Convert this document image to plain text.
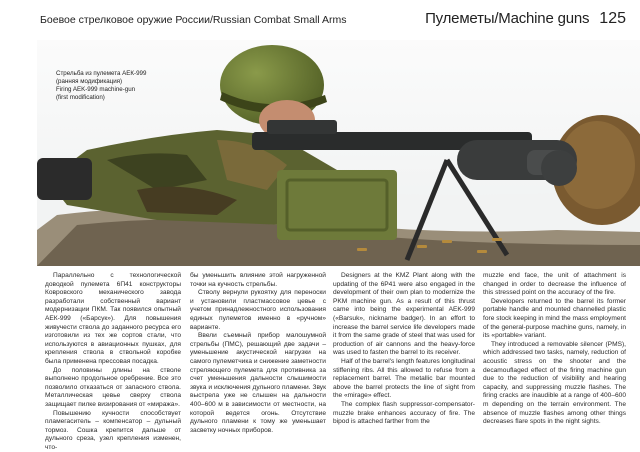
Боевое стрелковое оружие России/Russian Combat Small Arms	Пулеметы/Machine guns 125
Стрельба из пулемета АЕК-999
(ранняя модификация)
Firing AEK-999 machine-gun
(first modification)

Параллельно с технологической доводкой пулемета 6П41 конструкторы Ковровского механического завода разработали собственный вариант модернизации ПКМ. Так появился опытный АЕК-999 («Барсук»). Для повышения живучести ствола до заданного ресурса его изготовили из тех же сортов стали, что используются в авиационных пушках, для крепления ствола в ствольной коробке была применена прессовая посадка.

До половины длины на стволе выполнено продольное оребрение. Все это позволило отказаться от запасного ствола. Металлическая цевье сверху ствола защищает пилке визирования от «миража».

Повышению кучности способствует пламегаситель – компенсатор – дульный тормоз. Сошка крепится дальше от дульного среза, узел крепления изменен, что-

бы уменьшить влияние этой нагруженной точки на кучность стрельбы.

Стволу вернули рукоятку для переноски и установили пластмассовое цевье с учетом принадлежностного использования единых пулеметов именно в «ручном» варианте.

Ввели съемный прибор малошумной стрельбы (ПМС), решающий две задачи – уменьшение акустической нагрузки на самого пулеметчика и снижение заметности стреляющего пулемета для противника за счет уменьшения дальности слышимости звука и исключения дульного пламени. Звук выстрела уже не слышен на дальности 400–600 м в зависимости от местности, на которой ведется огонь. Отсутствие дульного пламени к тому же уменьшает засветку ночных приборов.

Designers at the KMZ Plant along with the updating of the 6P41 were also engaged in the development of their own plan to modernize the PKM machine gun. As a result of this thrust came into being the experimental AEK-999 («Barsuk», nickname badger). In an effort to increase the barrel service life developers made it from the same grade of steel that was used for production of air cannons and the heavy-force was used to fasten the barrel to its receiver.

Half of the barrel's length features longitudinal stiffening ribs. All this allowed to refuse from a replacement barrel. The metallic bar mounted above the barrel protects the line of sight from the «mirage» effect.

The complex flash suppressor-compensator-muzzle brake enhances accuracy of fire. The bipod is attached farther from the

muzzle end face, the unit of attachment is changed in order to decrease the influence of this stressed point on the accuracy of the fire.

Developers returned to the barrel its former portable handle and mounted channelled plastic fore stock keeping in mind the mass employment of the general-purpose machine guns, namely, in its «portable» variant.

They introduced a removable silencer (PMS), which addressed two tasks, namely, reduction of acoustic stress on the shooter and the decamouflaged effect of the firing machine gun due to the reduction of visibility and hearing capacity, and suppressing muzzle flashes. The firing cracks are inaudible at a range of 400–600 m depending on the terrain environment. The absence of muzzle flashes among other things decreases flare spots in the night sights.
